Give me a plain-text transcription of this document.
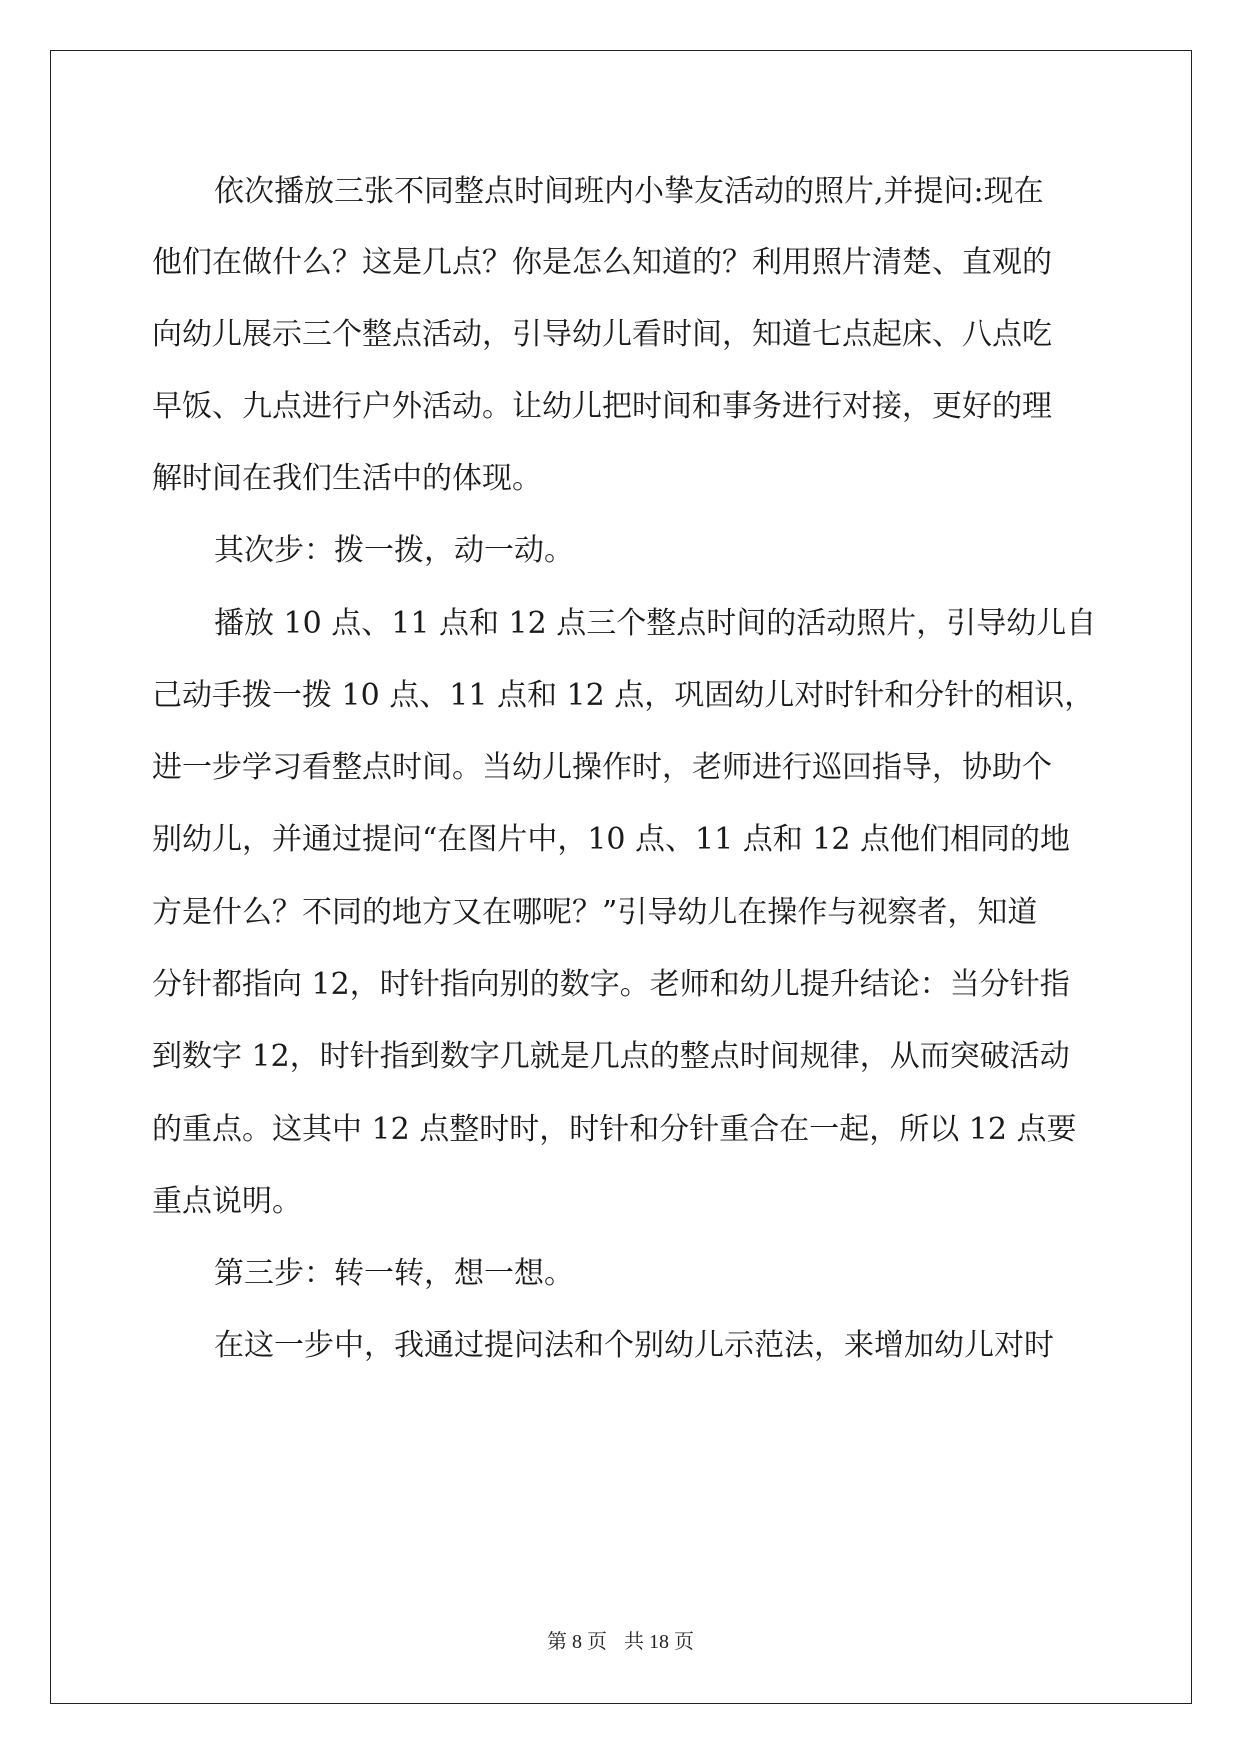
依次播放三张不同整点时间班内小挚友活动的照片,并提问:现在
他们在做什么？这是几点？你是怎么知道的？利用照片清楚、直观的
向幼儿展示三个整点活动，引导幼儿看时间，知道七点起床、八点吃
早饭、九点进行户外活动。让幼儿把时间和事务进行对接，更好的理
解时间在我们生活中的体现。
其次步：拨一拨，动一动。
播放 10 点、11 点和 12 点三个整点时间的活动照片，引导幼儿自
己动手拨一拨 10 点、11 点和 12 点，巩固幼儿对时针和分针的相识，
进一步学习看整点时间。当幼儿操作时，老师进行巡回指导，协助个
别幼儿，并通过提问“在图片中，10 点、11 点和 12 点他们相同的地
方是什么？不同的地方又在哪呢？”引导幼儿在操作与视察者，知道
分针都指向 12，时针指向别的数字。老师和幼儿提升结论：当分针指
到数字 12，时针指到数字几就是几点的整点时间规律，从而突破活动
的重点。这其中 12 点整时时，时针和分针重合在一起，所以 12 点要
重点说明。
第三步：转一转，想一想。
在这一步中，我通过提问法和个别幼儿示范法，来增加幼儿对时
第 8 页 共 18 页
